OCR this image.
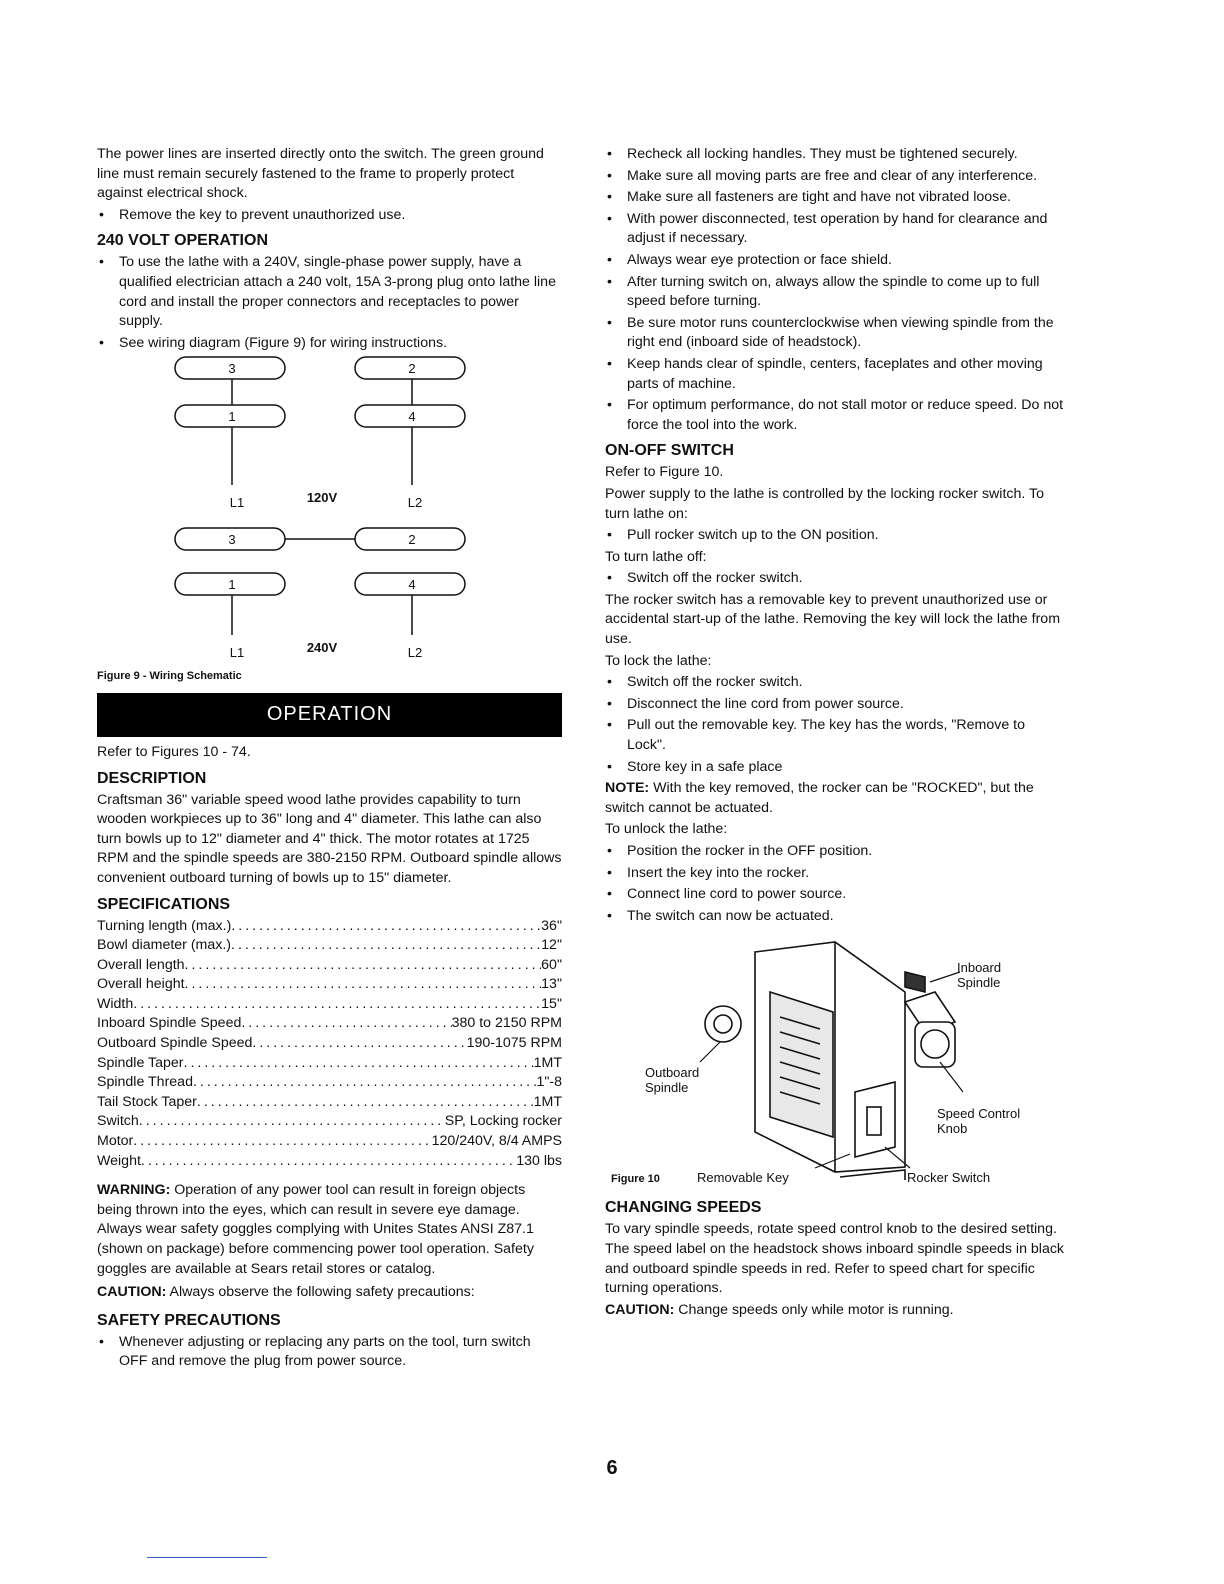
The power lines are inserted directly onto the switch. The green ground line must remain securely fastened to the frame to properly protect against electrical shock.

• Remove the key to prevent unauthorized use.
240 VOLT OPERATION
• To use the lathe with a 240V, single-phase power supply, have a qualified electrician attach a 240 volt, 15A 3-prong plug onto lathe line cord and install the proper connectors and receptacles to power supply.
• See wiring diagram (Figure 9) for wiring instructions.
3	2
1	4
L1	120V	L2
3	2
1	4
L1	240V	L2
Figure 9 - Wiring Schematic
OPERATION

Refer to Figures 10 - 74.

DESCRIPTION

Craftsman 36" variable speed wood lathe provides capability to turn wooden workpieces up to 36" long and 4" diameter. This lathe can also turn bowls up to 12" diameter and 4" thick. The motor rotates at 1725 RPM and the spindle speeds are 380-2150 RPM. Outboard spindle allows convenient outboard turning of bowls up to 15" diameter.

SPECIFICATIONS
Turning length (max.) .....	36"
Bowl diameter (max.) .....	12"
Overall length .....	60"
Overall height .....	13"
Width .....	15"
Inboard Spindle Speed .....	380 to 2150 RPM
Outboard Spindle Speed .....	190-1075 RPM
Spindle Taper .....	1MT
Spindle Thread .....	1"-8
Tail Stock Taper .....	1MT
Switch .....	SP, Locking rocker
Motor .....	120/240V, 8/4 AMPS
Weight .....	130 lbs

WARNING: Operation of any power tool can result in foreign objects being thrown into the eyes, which can result in severe eye damage. Always wear safety goggles complying with Unites States ANSI Z87.1 (shown on package) before commencing power tool operation. Safety goggles are available at Sears retail stores or catalog.

CAUTION: Always observe the following safety precautions:

SAFETY PRECAUTIONS
• Whenever adjusting or replacing any parts on the tool, turn switch OFF and remove the plug from power source.
• Recheck all locking handles. They must be tightened securely.
• Make sure all moving parts are free and clear of any interference.
• Make sure all fasteners are tight and have not vibrated loose.
• With power disconnected, test operation by hand for clearance and adjust if necessary.
• Always wear eye protection or face shield.
• After turning switch on, always allow the spindle to come up to full speed before turning.
• Be sure motor runs counterclockwise when viewing spindle from the right end (inboard side of headstock).
• Keep hands clear of spindle, centers, faceplates and other moving parts of machine.
• For optimum performance, do not stall motor or reduce speed. Do not force the tool into the work.
ON-OFF SWITCH

Refer to Figure 10.

Power supply to the lathe is controlled by the locking rocker switch. To turn lathe on:

• Pull rocker switch up to the ON position.

To turn lathe off:

• Switch off the rocker switch.

The rocker switch has a removable key to prevent unauthorized use or accidental start-up of the lathe. Removing the key will lock the lathe from use.

To lock the lathe:

• Switch off the rocker switch.
• Disconnect the line cord from power source.
• Pull out the removable key. The key has the words, "Remove to Lock".
• Store key in a safe place

NOTE: With the key removed, the rocker can be "ROCKED", but the switch cannot be actuated.

To unlock the lathe:

• Position the rocker in the OFF position.
• Insert the key into the rocker.
• Connect line cord to power source.
• The switch can now be actuated.
Inboard
Spindle
Outboard
Spindle
Speed Control
Knob
Figure 10	Removable Key	Rocker Switch
CHANGING SPEEDS

To vary spindle speeds, rotate speed control knob to the desired setting. The speed label on the headstock shows inboard spindle speeds in black and outboard spindle speeds in red. Refer to speed chart for specific turning operations.

CAUTION: Change speeds only while motor is running.

6
